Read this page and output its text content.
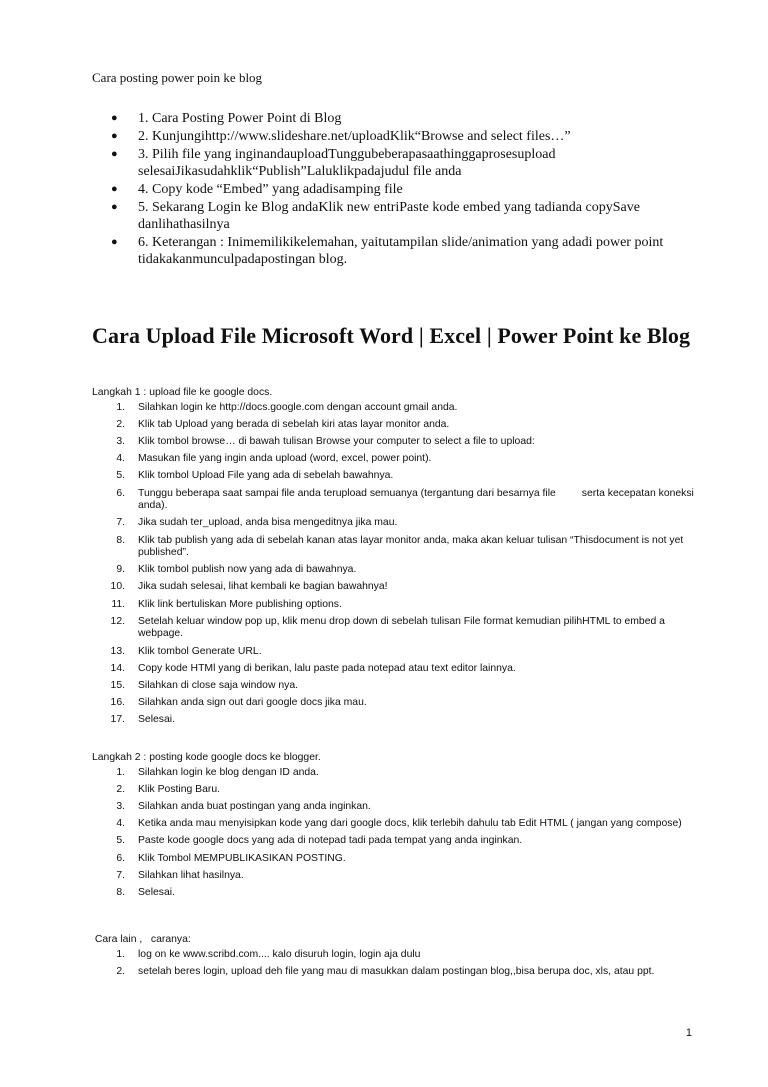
Cara posting power poin ke blog
● 1. Cara Posting Power Point di Blog
● 2. Kunjungihttp://www.slideshare.net/uploadKlik“Browse and select files…”
● 3. Pilih file yang inginandauploadTunggubeberapasaathinggaprosesupload selesaiJikasudahklik“Publish”Laluklikpadajudul file anda
● 4. Copy kode “Embed” yang adadisamping file
● 5. Sekarang Login ke Blog andaKlik new entriPaste kode embed yang tadianda copySave danlihathasilnya
● 6. Keterangan : Inimemilikikelemahan, yaitutampilan slide/animation yang adadi power point tidakakanmunculpadapostingan blog.
Cara Upload File Microsoft Word | Excel | Power Point ke Blog
Langkah 1 : upload file ke google docs.
1. Silahkan login ke http://docs.google.com dengan account gmail anda.
2. Klik tab Upload yang berada di sebelah kiri atas layar monitor anda.
3. Klik tombol browse… di bawah tulisan Browse your computer to select a file to upload:
4. Masukan file yang ingin anda upload (word, excel, power point).
5. Klik tombol Upload File yang ada di sebelah bawahnya.
6. Tunggu beberapa saat sampai file anda terupload semuanya (tergantung dari besarnya file         serta kecepatan koneksi anda).
7. Jika sudah ter_upload, anda bisa mengeditnya jika mau.
8. Klik tab publish yang ada di sebelah kanan atas layar monitor anda, maka akan keluar tulisan “Thisdocument is not yet published”.
9. Klik tombol publish now yang ada di bawahnya.
10. Jika sudah selesai, lihat kembali ke bagian bawahnya!
11. Klik link bertuliskan More publishing options.
12. Setelah keluar window pop up, klik menu drop down di sebelah tulisan File format kemudian pilihHTML to embed a webpage.
13. Klik tombol Generate URL.
14. Copy kode HTMl yang di berikan, lalu paste pada notepad atau text editor lainnya.
15. Silahkan di close saja window nya.
16. Silahkan anda sign out dari google docs jika mau.
17. Selesai.
Langkah 2 : posting kode google docs ke blogger.
1. Silahkan login ke blog dengan ID anda.
2. Klik Posting Baru.
3. Silahkan anda buat postingan yang anda inginkan.
4. Ketika anda mau menyisipkan kode yang dari google docs, klik terlebih dahulu tab Edit HTML ( jangan yang compose)
5. Paste kode google docs yang ada di notepad tadi pada tempat yang anda inginkan.
6. Klik Tombol MEMPUBLIKASIKAN POSTING.
7. Silahkan lihat hasilnya.
8. Selesai.
Cara lain ,   caranya:
1. log on ke www.scribd.com.... kalo disuruh login, login aja dulu
2. setelah beres login, upload deh file yang mau di masukkan dalam postingan blog,,bisa berupa doc, xls, atau ppt.
1
